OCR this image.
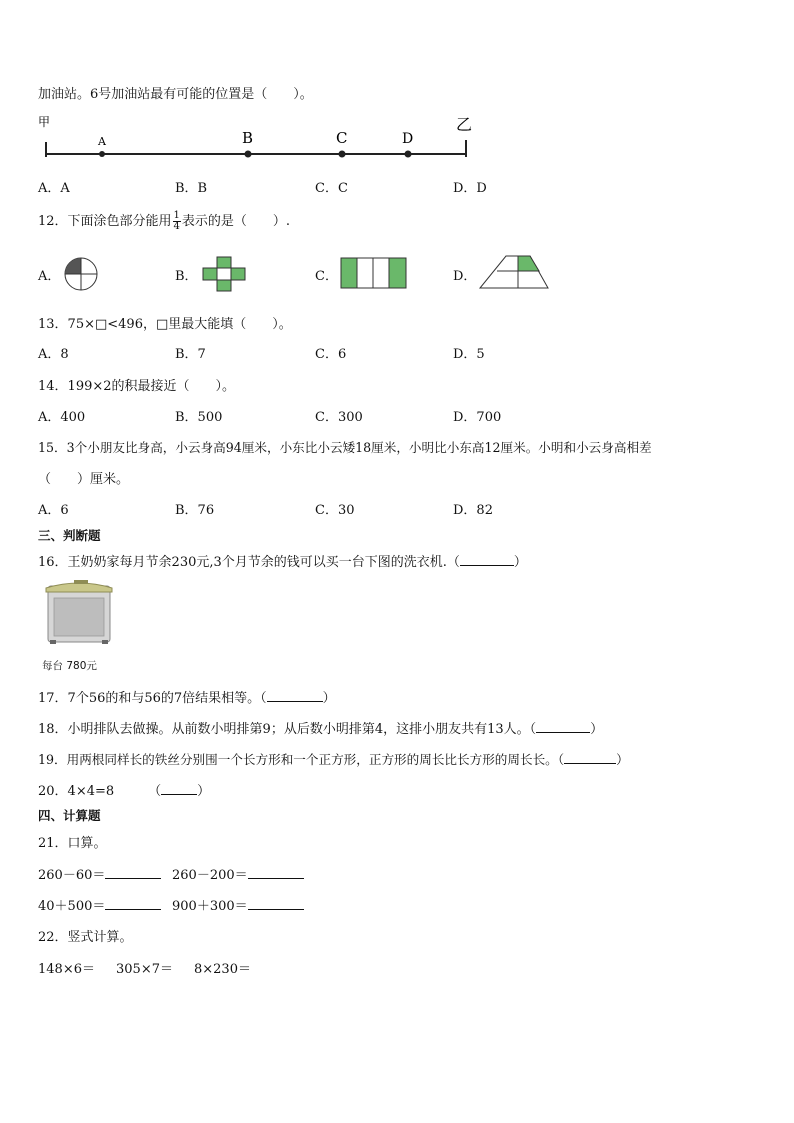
加油站。6号加油站最有可能的位置是（　　）。
甲	乙
A	B	C	D
A．A	B．B	C．C	D．D
12．下面涂色部分能用 $\frac{1}{4}$ 表示的是（　　）.
A．	B．	C．	D．
13．75×□<496，□里最大能填（　　）。
A．8	B．7	C．6	D．5
14．199×2的积最接近（　　）。
A．400	B．500	C．300	D．700
15．3个小朋友比身高，小云身高94厘米，小东比小云矮18厘米，小明比小东高12厘米。小明和小云身高相差
（　　）厘米。
A．6	B．76	C．30	D．82
三、判断题
16．王奶奶家每月节余230元,3个月节余的钱可以买一台下图的洗衣机.（	）
每台 780元
17．7个56的和与56的7倍结果相等。（	）
18．小明排队去做操。从前数小明排第9；从后数小明排第4，这排小朋友共有13人。（	）
19．用两根同样长的铁丝分别围一个长方形和一个正方形，正方形的周长比长方形的周长长。（	）
20．4×4=8	（	）
四、计算题
21．口算。
260－60＝	260－200＝
40＋500＝	900＋300＝
22．竖式计算。
148×6＝ 305×7＝ 8×230＝
